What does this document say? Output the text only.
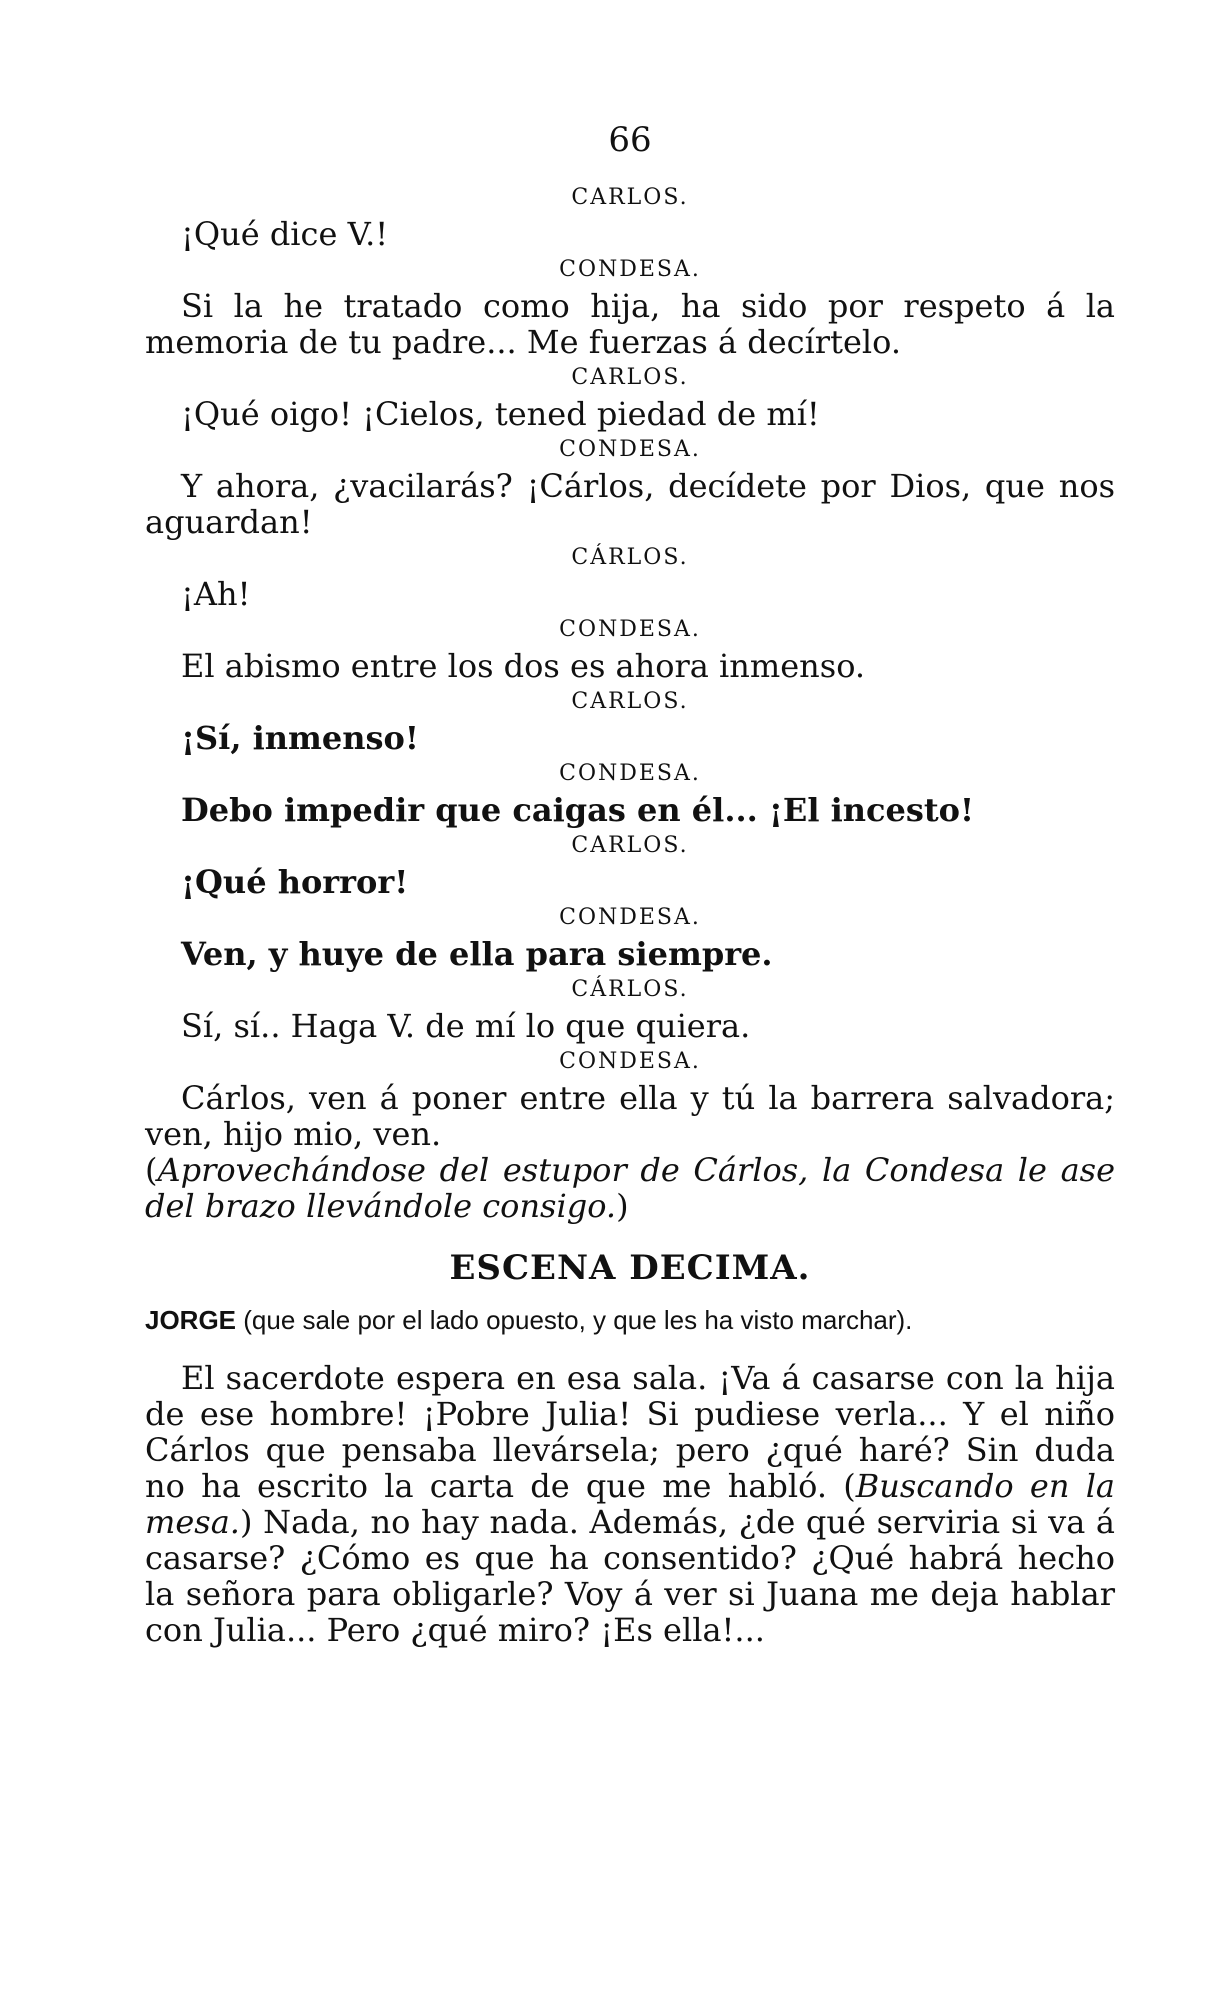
66
CARLOS.

¡Qué dice V.!

CONDESA.

Si la he tratado como hija, ha sido por respeto á la memoria de tu padre... Me fuerzas á decírtelo.

CARLOS.

¡Qué oigo! ¡Cielos, tened piedad de mí!

CONDESA.

Y ahora, ¿vacilarás? ¡Cárlos, decídete por Dios, que nos aguardan!

CÁRLOS.

¡Ah!

CONDESA.

El abismo entre los dos es ahora inmenso.

CARLOS.

¡Sí, inmenso!

CONDESA.

Debo impedir que caigas en él... ¡El incesto!

CARLOS.

¡Qué horror!

CONDESA.

Ven, y huye de ella para siempre.

CÁRLOS.

Sí, sí.. Haga V. de mí lo que quiera.

CONDESA.

Cárlos, ven á poner entre ella y tú la barrera salvadora; ven, hijo mio, ven.

(Aprovechándose del estupor de Cárlos, la Condesa le ase del brazo llevándole consigo.)

ESCENA DECIMA.
JORGE (que sale por el lado opuesto, y que les ha visto marchar).

El sacerdote espera en esa sala. ¡Va á casarse con la hija de ese hombre! ¡Pobre Julia! Si pudiese verla... Y el niño Cárlos que pensaba llevársela; pero ¿qué haré? Sin duda no ha escrito la carta de que me habló. (Buscando en la mesa.) Nada, no hay nada. Además, ¿de qué serviria si va á casarse? ¿Cómo es que ha consentido? ¿Qué habrá hecho la señora para obligarle? Voy á ver si Juana me deja hablar con Julia... Pero ¿qué miro? ¡Es ella!...
